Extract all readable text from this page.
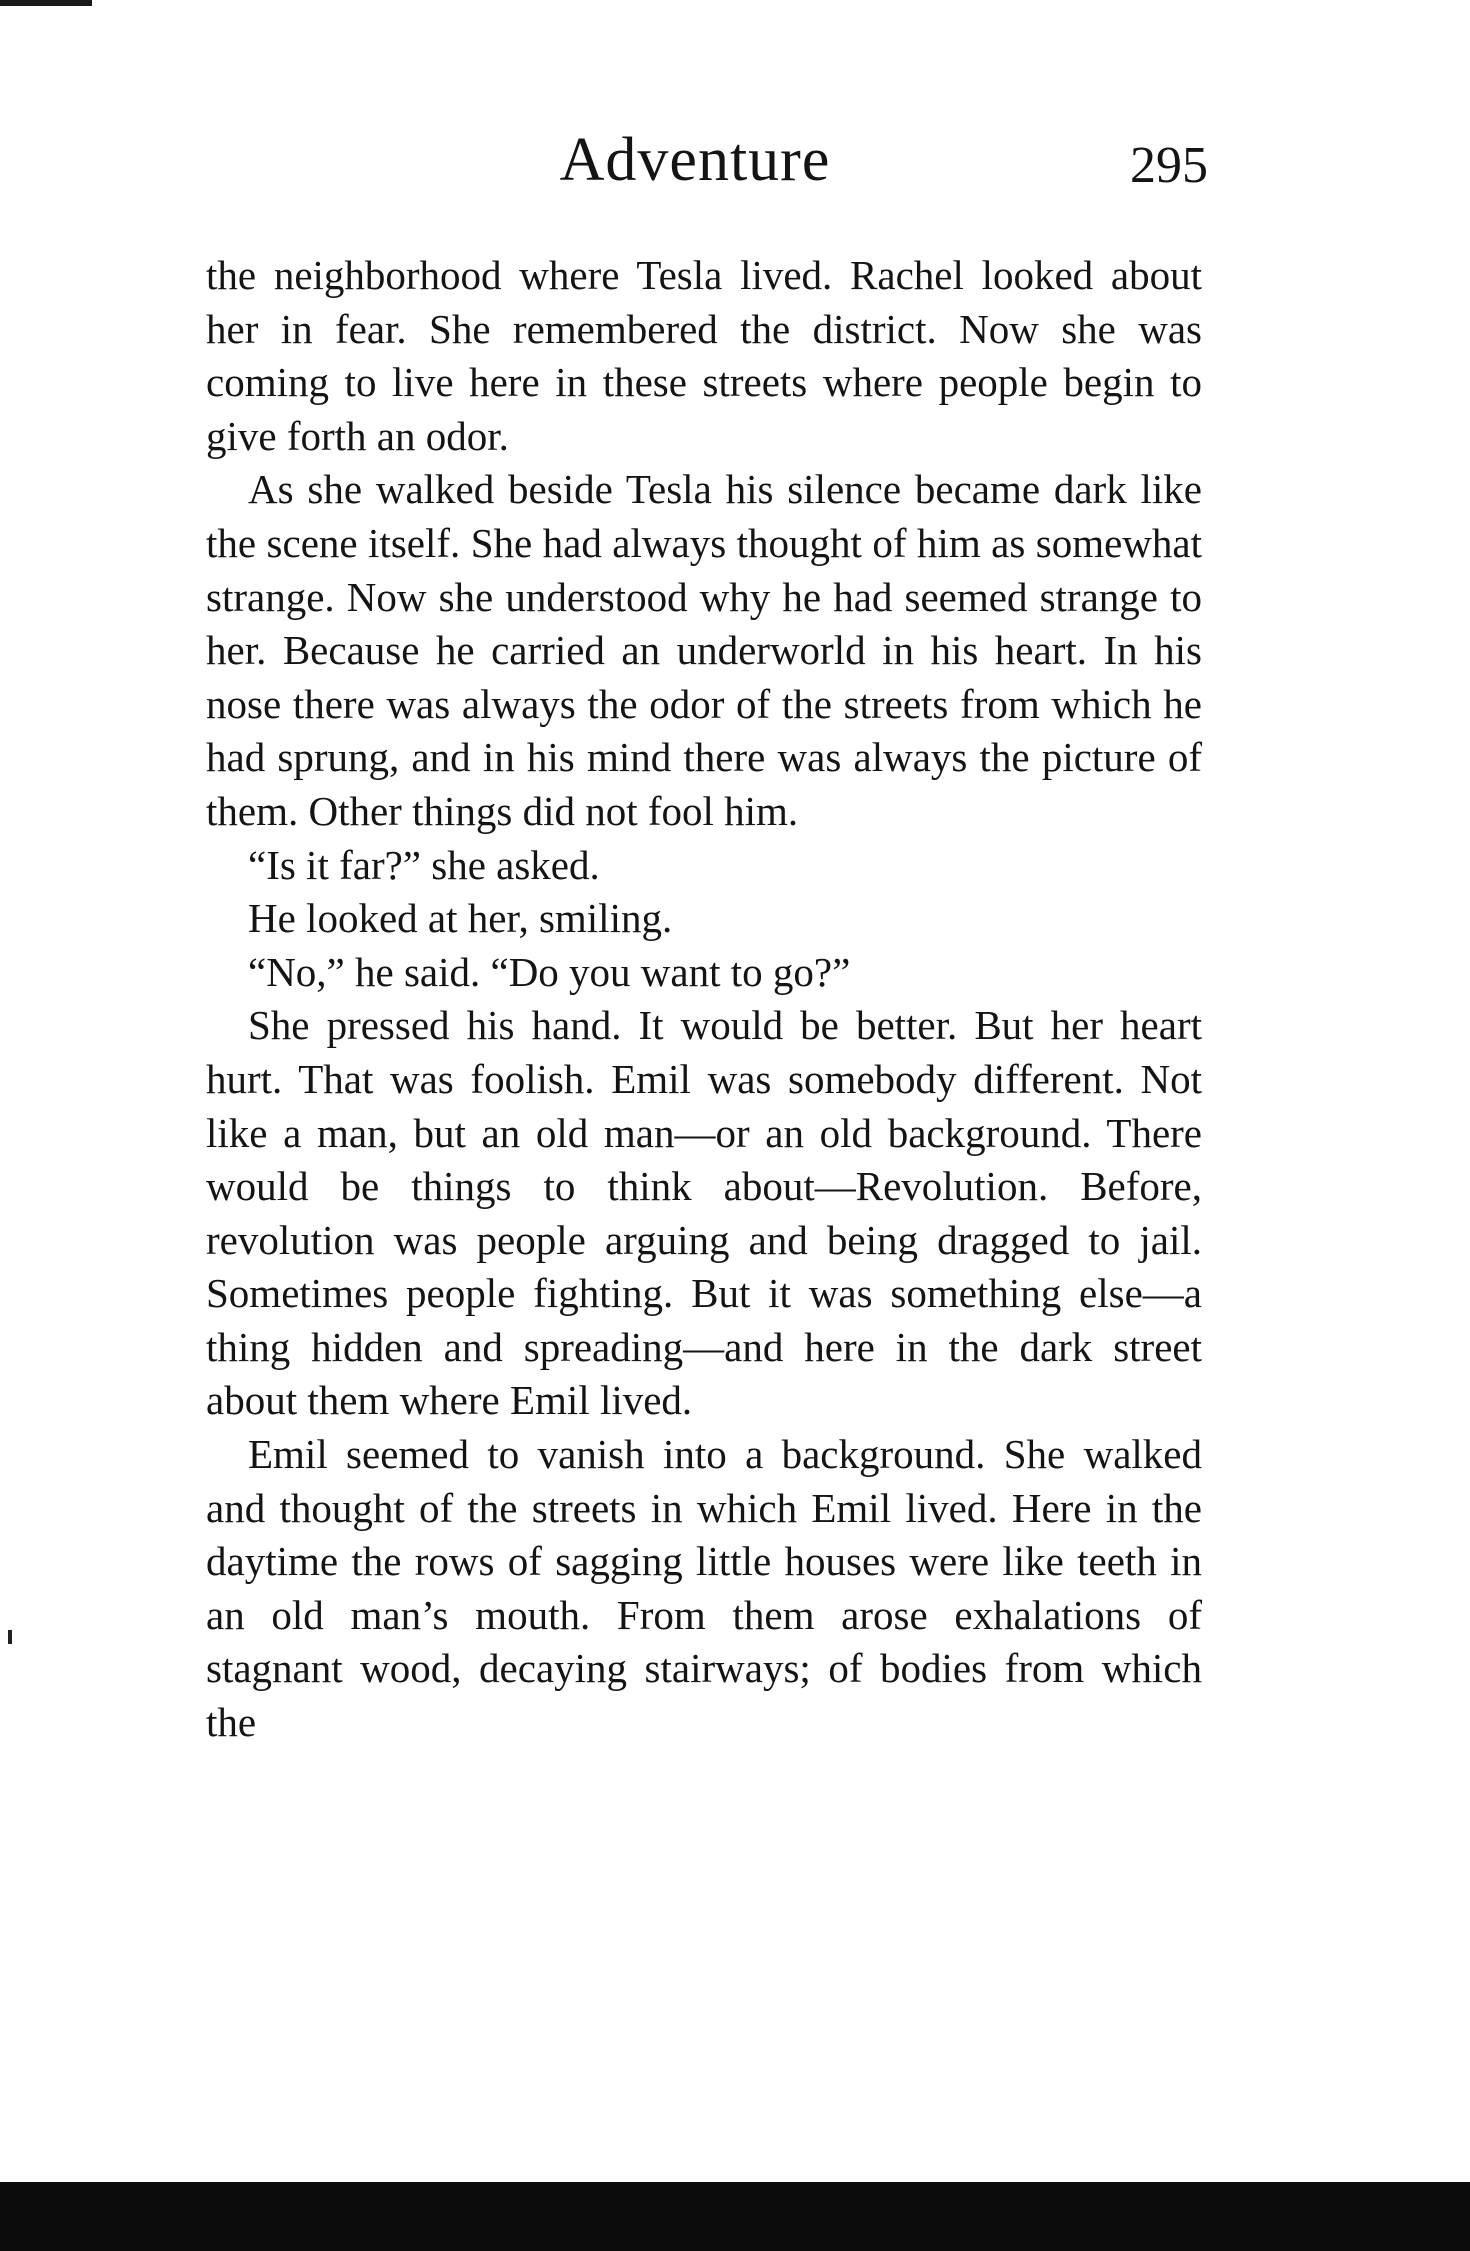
Adventure	295

the neighborhood where Tesla lived. Rachel looked about her in fear. She remembered the district. Now she was coming to live here in these streets where people begin to give forth an odor.

As she walked beside Tesla his silence became dark like the scene itself. She had always thought of him as somewhat strange. Now she understood why he had seemed strange to her. Because he carried an underworld in his heart. In his nose there was always the odor of the streets from which he had sprung, and in his mind there was always the picture of them. Other things did not fool him.

“Is it far?” she asked.

He looked at her, smiling.

“No,” he said. “Do you want to go?”

She pressed his hand. It would be better. But her heart hurt. That was foolish. Emil was somebody different. Not like a man, but an old man—or an old background. There would be things to think about—Revolution. Before, revolution was people arguing and being dragged to jail. Sometimes people fighting. But it was something else—a thing hidden and spreading—and here in the dark street about them where Emil lived.

Emil seemed to vanish into a background. She walked and thought of the streets in which Emil lived. Here in the daytime the rows of sagging little houses were like teeth in an old man’s mouth. From them arose exhalations of stagnant wood, decaying stairways; of bodies from which the
